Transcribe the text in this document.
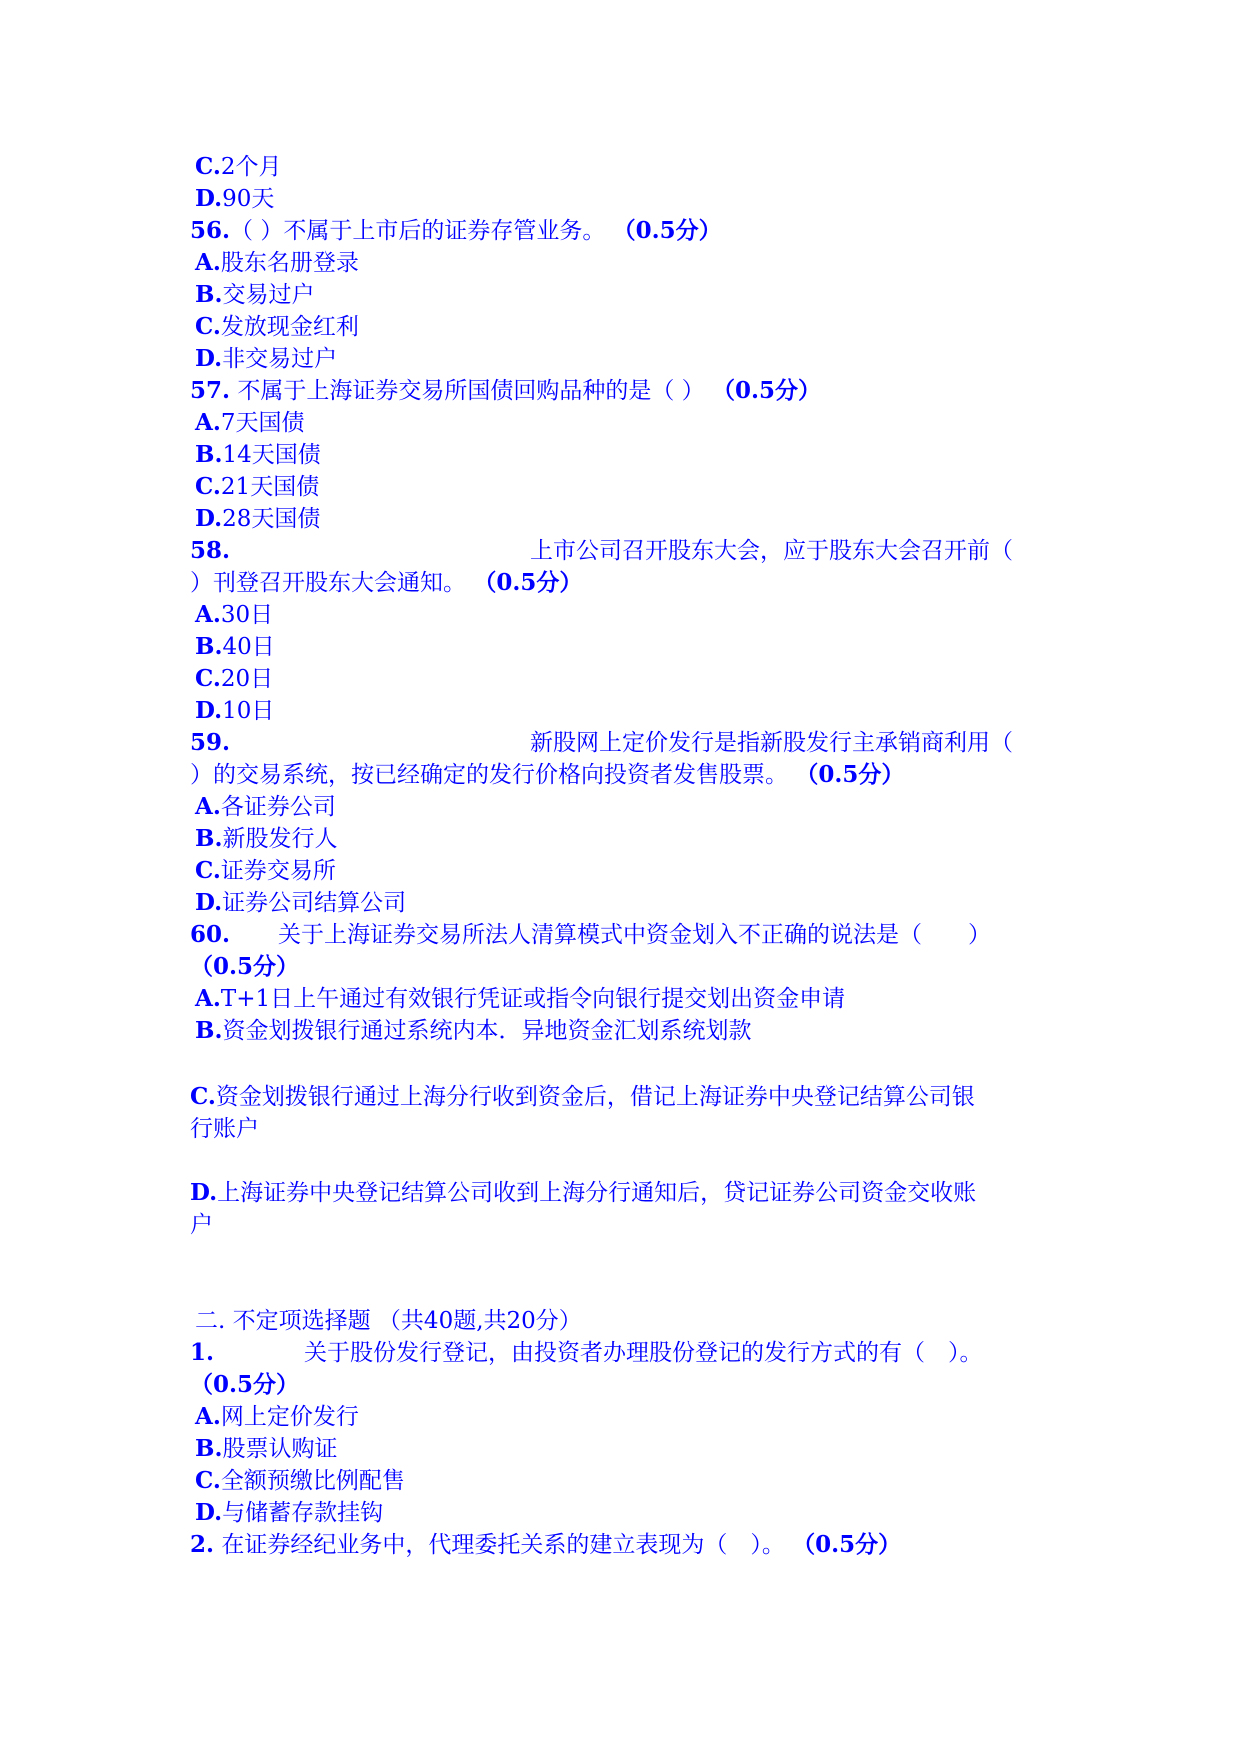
C.2个月
D.90天
56.（ ）不属于上市后的证券存管业务。 （0.5分）
A.股东名册登录
B.交易过户
C.发放现金红利
D.非交易过户
57. 不属于上海证券交易所国债回购品种的是（ ） （0.5分）
A.7天国债
B.14天国债
C.21天国债
D.28天国债
58.	上市公司召开股东大会，应于股东大会召开前（
）刊登召开股东大会通知。 （0.5分）
A.30日
B.40日
C.20日
D.10日
59.	新股网上定价发行是指新股发行主承销商利用（
）的交易系统，按已经确定的发行价格向投资者发售股票。 （0.5分）
A.各证券公司
B.新股发行人
C.证券交易所
D.证券公司结算公司
60. 关于上海证券交易所法人清算模式中资金划入不正确的说法是（ ）
（0.5分）
A.T+1日上午通过有效银行凭证或指令向银行提交划出资金申请
B.资金划拨银行通过系统内本．异地资金汇划系统划款
C.资金划拨银行通过上海分行收到资金后，借记上海证券中央登记结算公司银
行账户
D.上海证券中央登记结算公司收到上海分行通知后，贷记证券公司资金交收账
户
二. 不定项选择题 （共40题,共20分）
1.	关于股份发行登记，由投资者办理股份登记的发行方式的有（　）。
（0.5分）
A.网上定价发行
B.股票认购证
C.全额预缴比例配售
D.与储蓄存款挂钩
2. 在证券经纪业务中，代理委托关系的建立表现为（　）。 （0.5分）
